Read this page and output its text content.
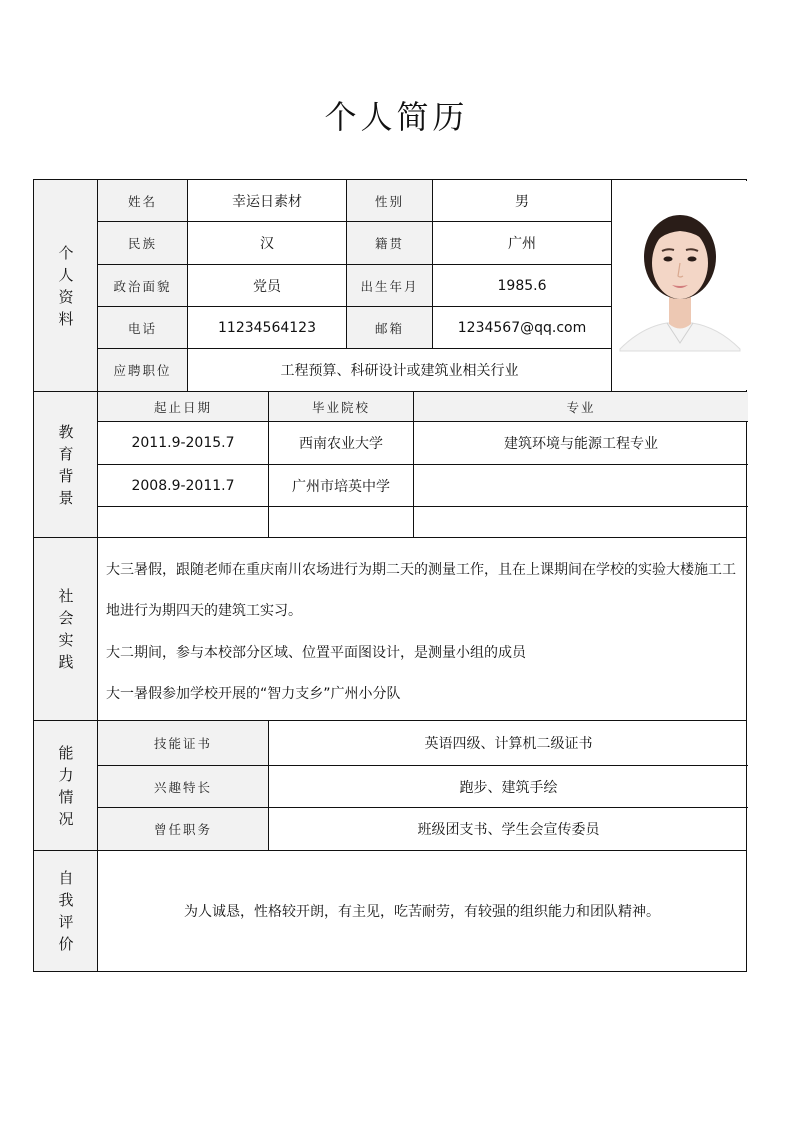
个人简历
个人资料
姓名	幸运日素材	性别	男
民族	汉	籍贯	广州
政治面貌	党员	出生年月	1985.6
电话	11234564123	邮箱	1234567@qq.com
应聘职位	工程预算、科研设计或建筑业相关行业
教育背景
起止日期	毕业院校	专业
2011.9-2015.7	西南农业大学	建筑环境与能源工程专业
2008.9-2011.7	广州市培英中学
社会实践
大三暑假，跟随老师在重庆南川农场进行为期二天的测量工作，且在上课期间在学校的实验大楼施工工
地进行为期四天的建筑工实习。
大二期间，参与本校部分区域、位置平面图设计，是测量小组的成员
大一暑假参加学校开展的“智力支乡”广州小分队
能力情况
技能证书	英语四级、计算机二级证书
兴趣特长	跑步、建筑手绘
曾任职务	班级团支书、学生会宣传委员
自我评价
为人诚恳，性格较开朗，有主见，吃苦耐劳，有较强的组织能力和团队精神。
